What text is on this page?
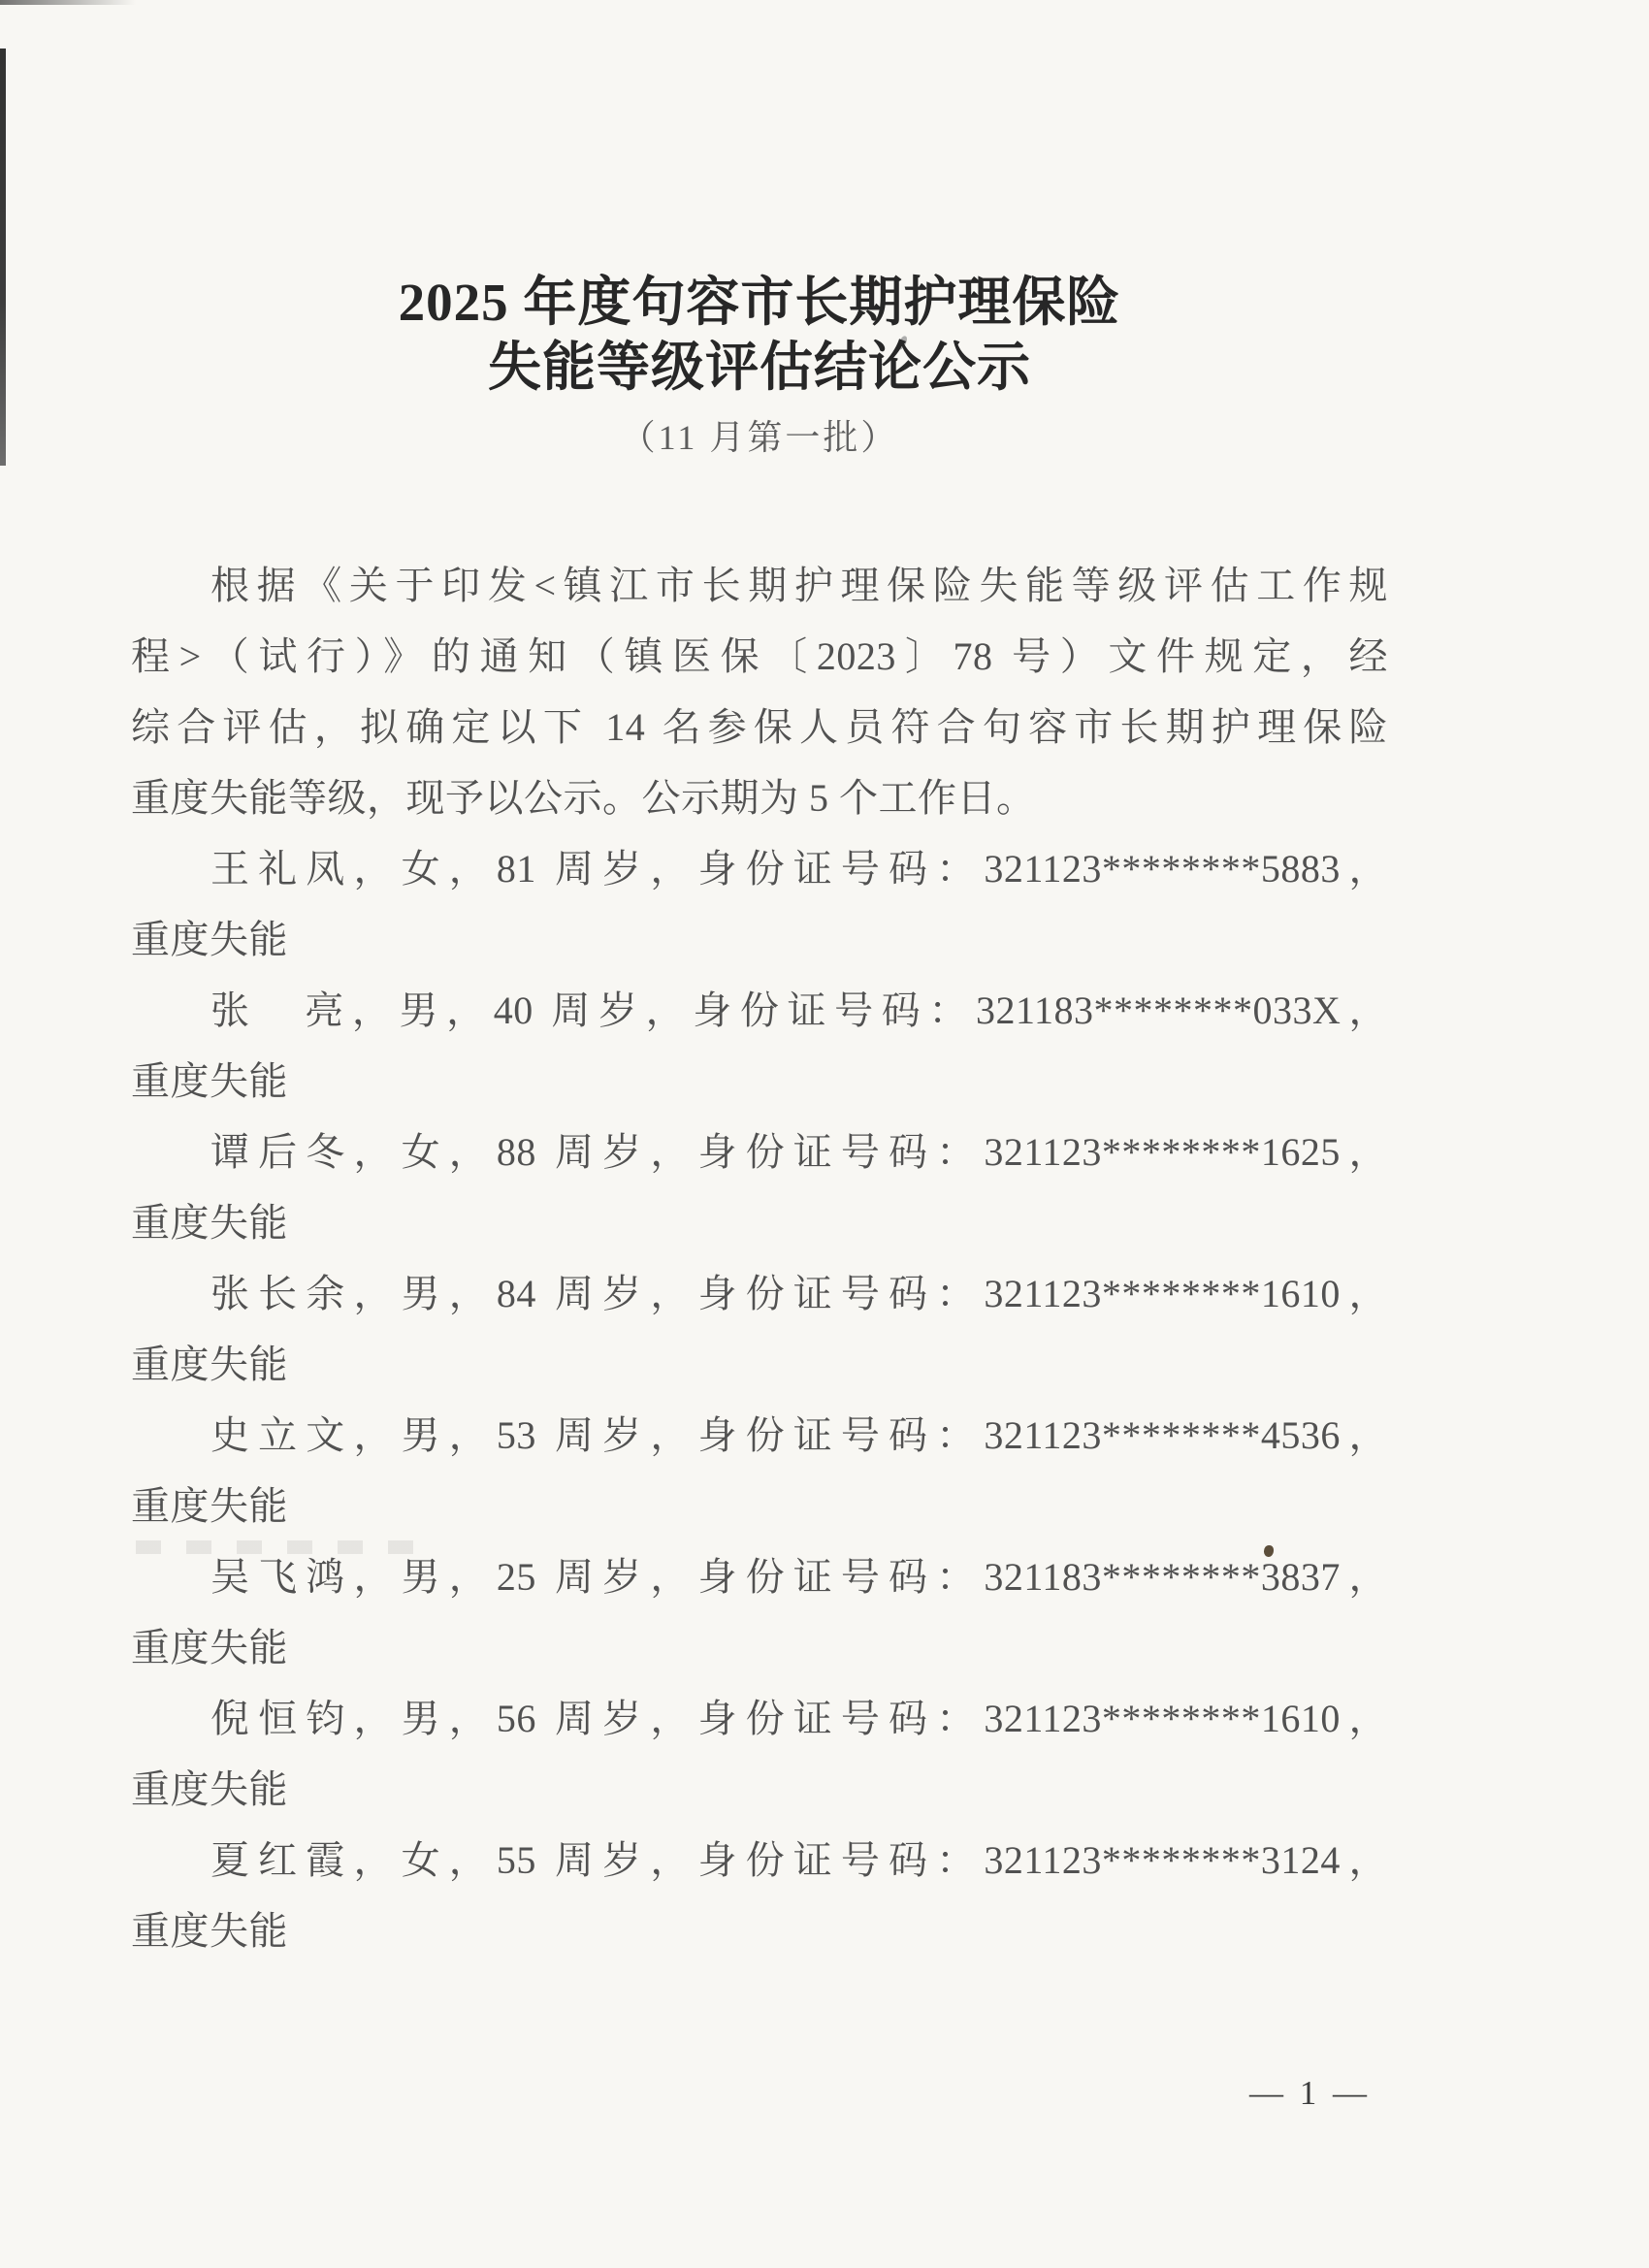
2025 年度句容市长期护理保险
失能等级评估结论公示
（11 月第一批）
根据《关于印发<镇江市长期护理保险失能等级评估工作规
程>（试行）》的通知（镇医保〔2023〕78 号）文件规定，经
综合评估，拟确定以下 14 名参保人员符合句容市长期护理保险
重度失能等级，现予以公示。公示期为 5 个工作日。
王礼凤，女，81 周岁，身份证号码：321123********5883，
重度失能
张　亮，男，40 周岁，身份证号码：321183********033X，
重度失能
谭后冬，女，88 周岁，身份证号码：321123********1625，
重度失能
张长余，男，84 周岁，身份证号码：321123********1610，
重度失能
史立文，男，53 周岁，身份证号码：321123********4536，
重度失能
吴飞鸿，男，25 周岁，身份证号码：321183********3837，
重度失能
倪恒钧，男，56 周岁，身份证号码：321123********1610，
重度失能
夏红霞，女，55 周岁，身份证号码：321123********3124，
重度失能
— 1 —
